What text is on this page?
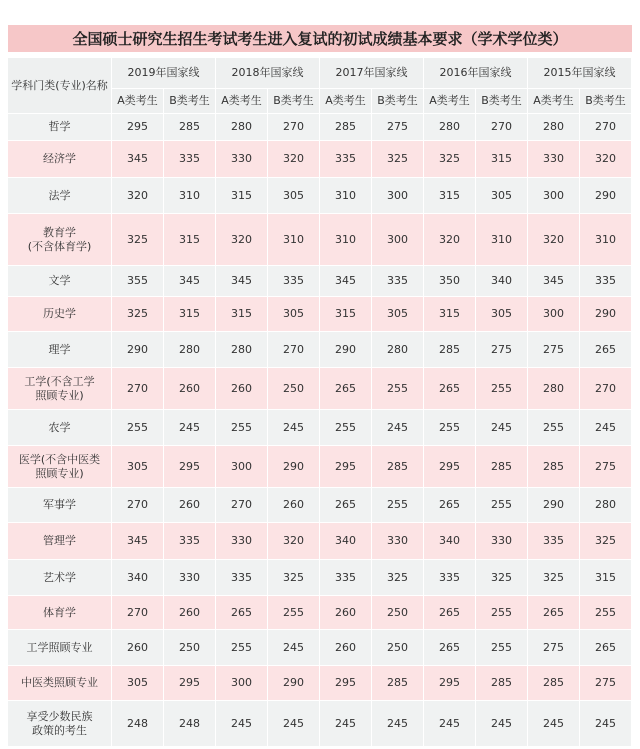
全国硕士研究生招生考试考生进入复试的初试成绩基本要求（学术学位类）
学科门类(专业)名称	2019年国家线		2018年国家线		2017年国家线		2016年国家线		2015年国家线	
	A类考生	B类考生	A类考生	B类考生	A类考生	B类考生	A类考生	B类考生	A类考生	B类考生
哲学	295	285	280	270	285	275	280	270	280	270
经济学	345	335	330	320	335	325	325	315	330	320
法学	320	310	315	305	310	300	315	305	300	290
教育学
(不含体育学)	325	315	320	310	310	300	320	310	320	310
文学	355	345	345	335	345	335	350	340	345	335
历史学	325	315	315	305	315	305	315	305	300	290
理学	290	280	280	270	290	280	285	275	275	265
工学(不含工学
照顾专业)	270	260	260	250	265	255	265	255	280	270
农学	255	245	255	245	255	245	255	245	255	245
医学(不含中医类
照顾专业)	305	295	300	290	295	285	295	285	285	275
军事学	270	260	270	260	265	255	265	255	290	280
管理学	345	335	330	320	340	330	340	330	335	325
艺术学	340	330	335	325	335	325	335	325	325	315
体育学	270	260	265	255	260	250	265	255	265	255
工学照顾专业	260	250	255	245	260	250	265	255	275	265
中医类照顾专业	305	295	300	290	295	285	295	285	285	275
享受少数民族
政策的考生	248	248	245	245	245	245	245	245	245	245
